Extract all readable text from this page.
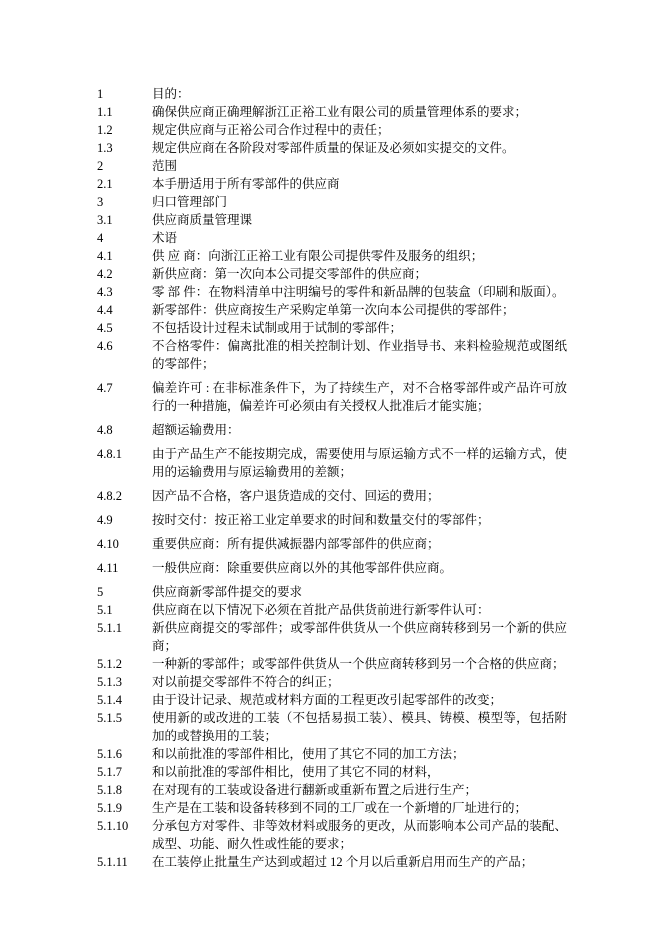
1	目的：
1.1	确保供应商正确理解浙江正裕工业有限公司的质量管理体系的要求；
1.2	规定供应商与正裕公司合作过程中的责任；
1.3	规定供应商在各阶段对零部件质量的保证及必须如实提交的文件。
2	范围
2.1	本手册适用于所有零部件的供应商
3	归口管理部门
3.1	供应商质量管理课
4	术语
4.1	供 应 商：向浙江正裕工业有限公司提供零件及服务的组织；
4.2	新供应商：第一次向本公司提交零部件的供应商；
4.3	零 部 件：在物料清单中注明编号的零件和新品牌的包装盒（印刷和版面）。
4.4	新零部件：供应商按生产采购定单第一次向本公司提供的零部件；
4.5	不包括设计过程未试制或用于试制的零部件；
4.6	不合格零件：偏离批准的相关控制计划、作业指导书、来料检验规范或图纸的零部件；
4.7	偏差许可 : 在非标准条件下，为了持续生产，对不合格零部件或产品许可放行的一种措施，偏差许可必须由有关授权人批准后才能实施；
4.8	超额运输费用：
4.8.1	由于产品生产不能按期完成，需要使用与原运输方式不一样的运输方式，使用的运输费用与原运输费用的差额；
4.8.2	因产品不合格，客户退货造成的交付、回运的费用；
4.9	按时交付：按正裕工业定单要求的时间和数量交付的零部件；
4.10	重要供应商：所有提供减振器内部零部件的供应商；
4.11	一般供应商：除重要供应商以外的其他零部件供应商。
5	供应商新零部件提交的要求
5.1	供应商在以下情况下必须在首批产品供货前进行新零件认可：
5.1.1	新供应商提交的零部件；或零部件供货从一个供应商转移到另一个新的供应商；
5.1.2	一种新的零部件；或零部件供货从一个供应商转移到另一个合格的供应商；
5.1.3	对以前提交零部件不符合的纠正；
5.1.4	由于设计记录、规范或材料方面的工程更改引起零部件的改变；
5.1.5	使用新的或改进的工装（不包括易损工装）、模具、铸模、模型等，包括附加的或替换用的工装；
5.1.6	和以前批准的零部件相比，使用了其它不同的加工方法；
5.1.7	和以前批准的零部件相比，使用了其它不同的材料，
5.1.8	在对现有的工装或设备进行翻新或重新布置之后进行生产；
5.1.9	生产是在工装和设备转移到不同的工厂或在一个新增的厂址进行的；
5.1.10	分承包方对零件、非等效材料或服务的更改，从而影响本公司产品的装配、成型、功能、耐久性或性能的要求；
5.1.11	在工装停止批量生产达到或超过 12 个月以后重新启用而生产的产品；
